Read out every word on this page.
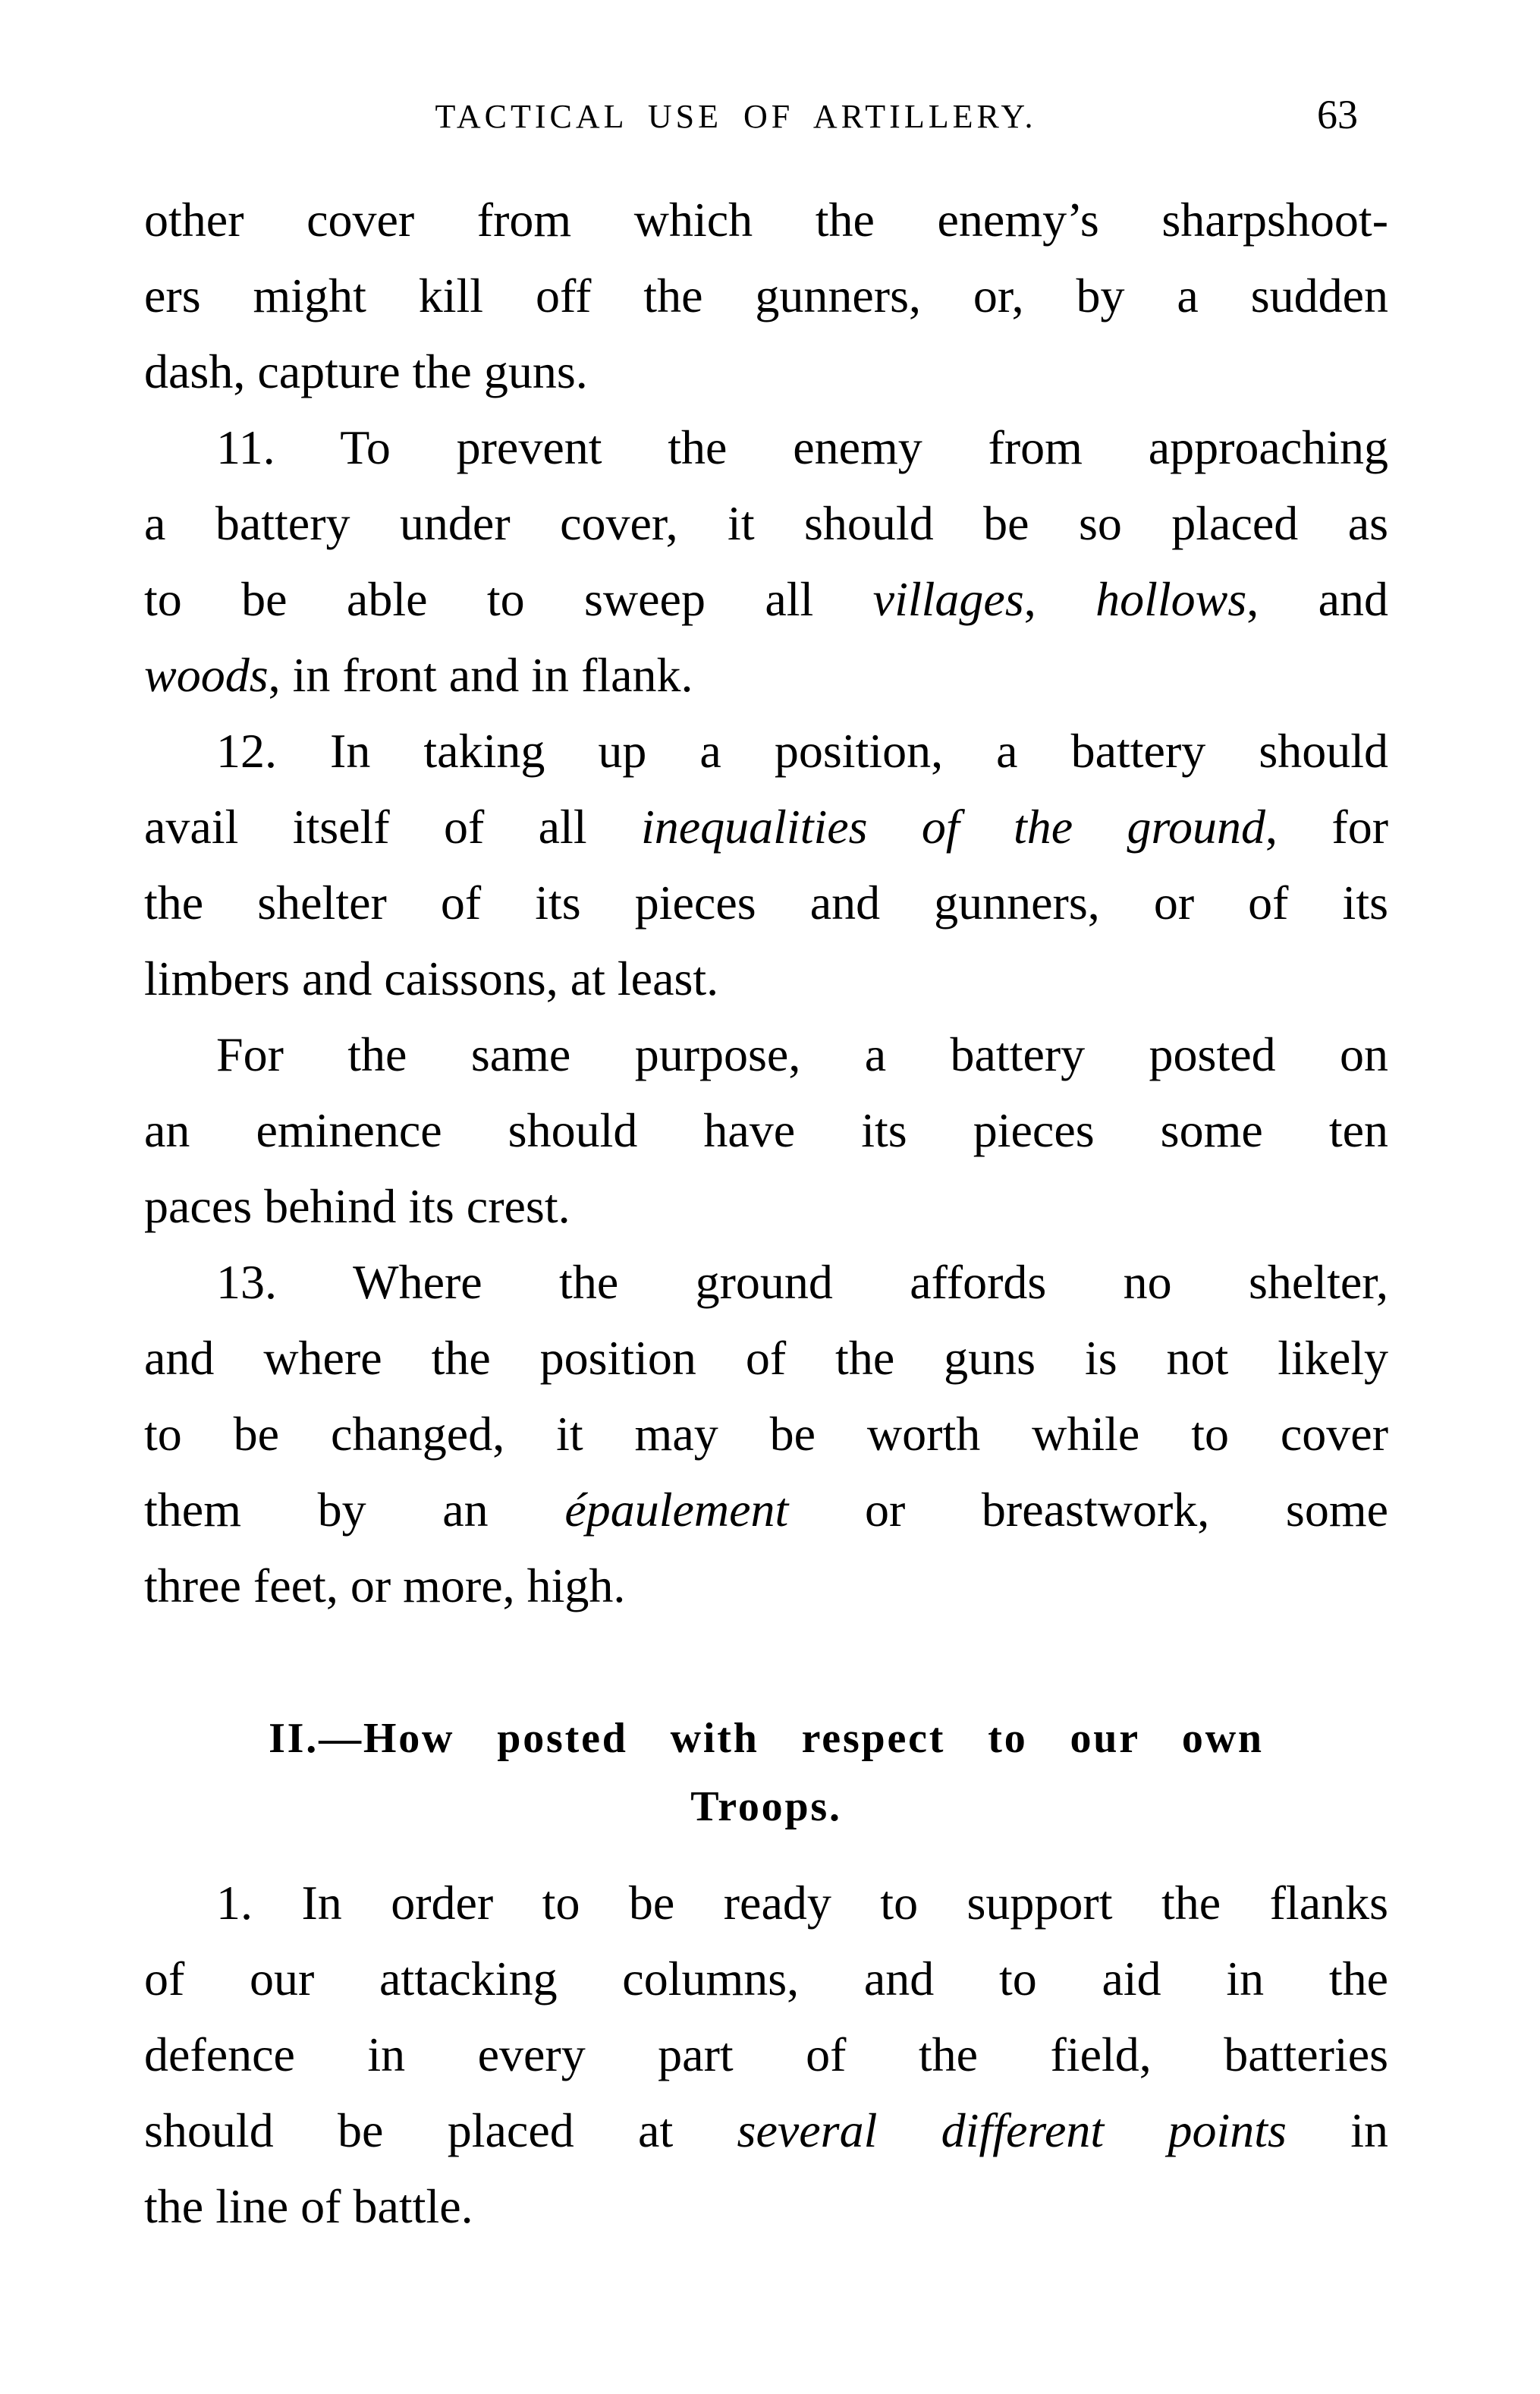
TACTICAL USE OF ARTILLERY.	63
other cover from which the enemy’s sharpshoot-
ers might kill off the gunners, or, by a sudden
dash, capture the guns.
11. To prevent the enemy from approaching
a battery under cover, it should be so placed as
to be able to sweep all villages, hollows, and
woods, in front and in flank.
12. In taking up a position, a battery should
avail itself of all inequalities of the ground, for
the shelter of its pieces and gunners, or of its
limbers and caissons, at least.
For the same purpose, a battery posted on
an eminence should have its pieces some ten
paces behind its crest.
13. Where the ground affords no shelter,
and where the position of the guns is not likely
to be changed, it may be worth while to cover
them by an épaulement or breastwork, some
three feet, or more, high.
II.—How posted with respect to our own
Troops.
1. In order to be ready to support the flanks
of our attacking columns, and to aid in the
defence in every part of the field, batteries
should be placed at several different points in
the line of battle.
